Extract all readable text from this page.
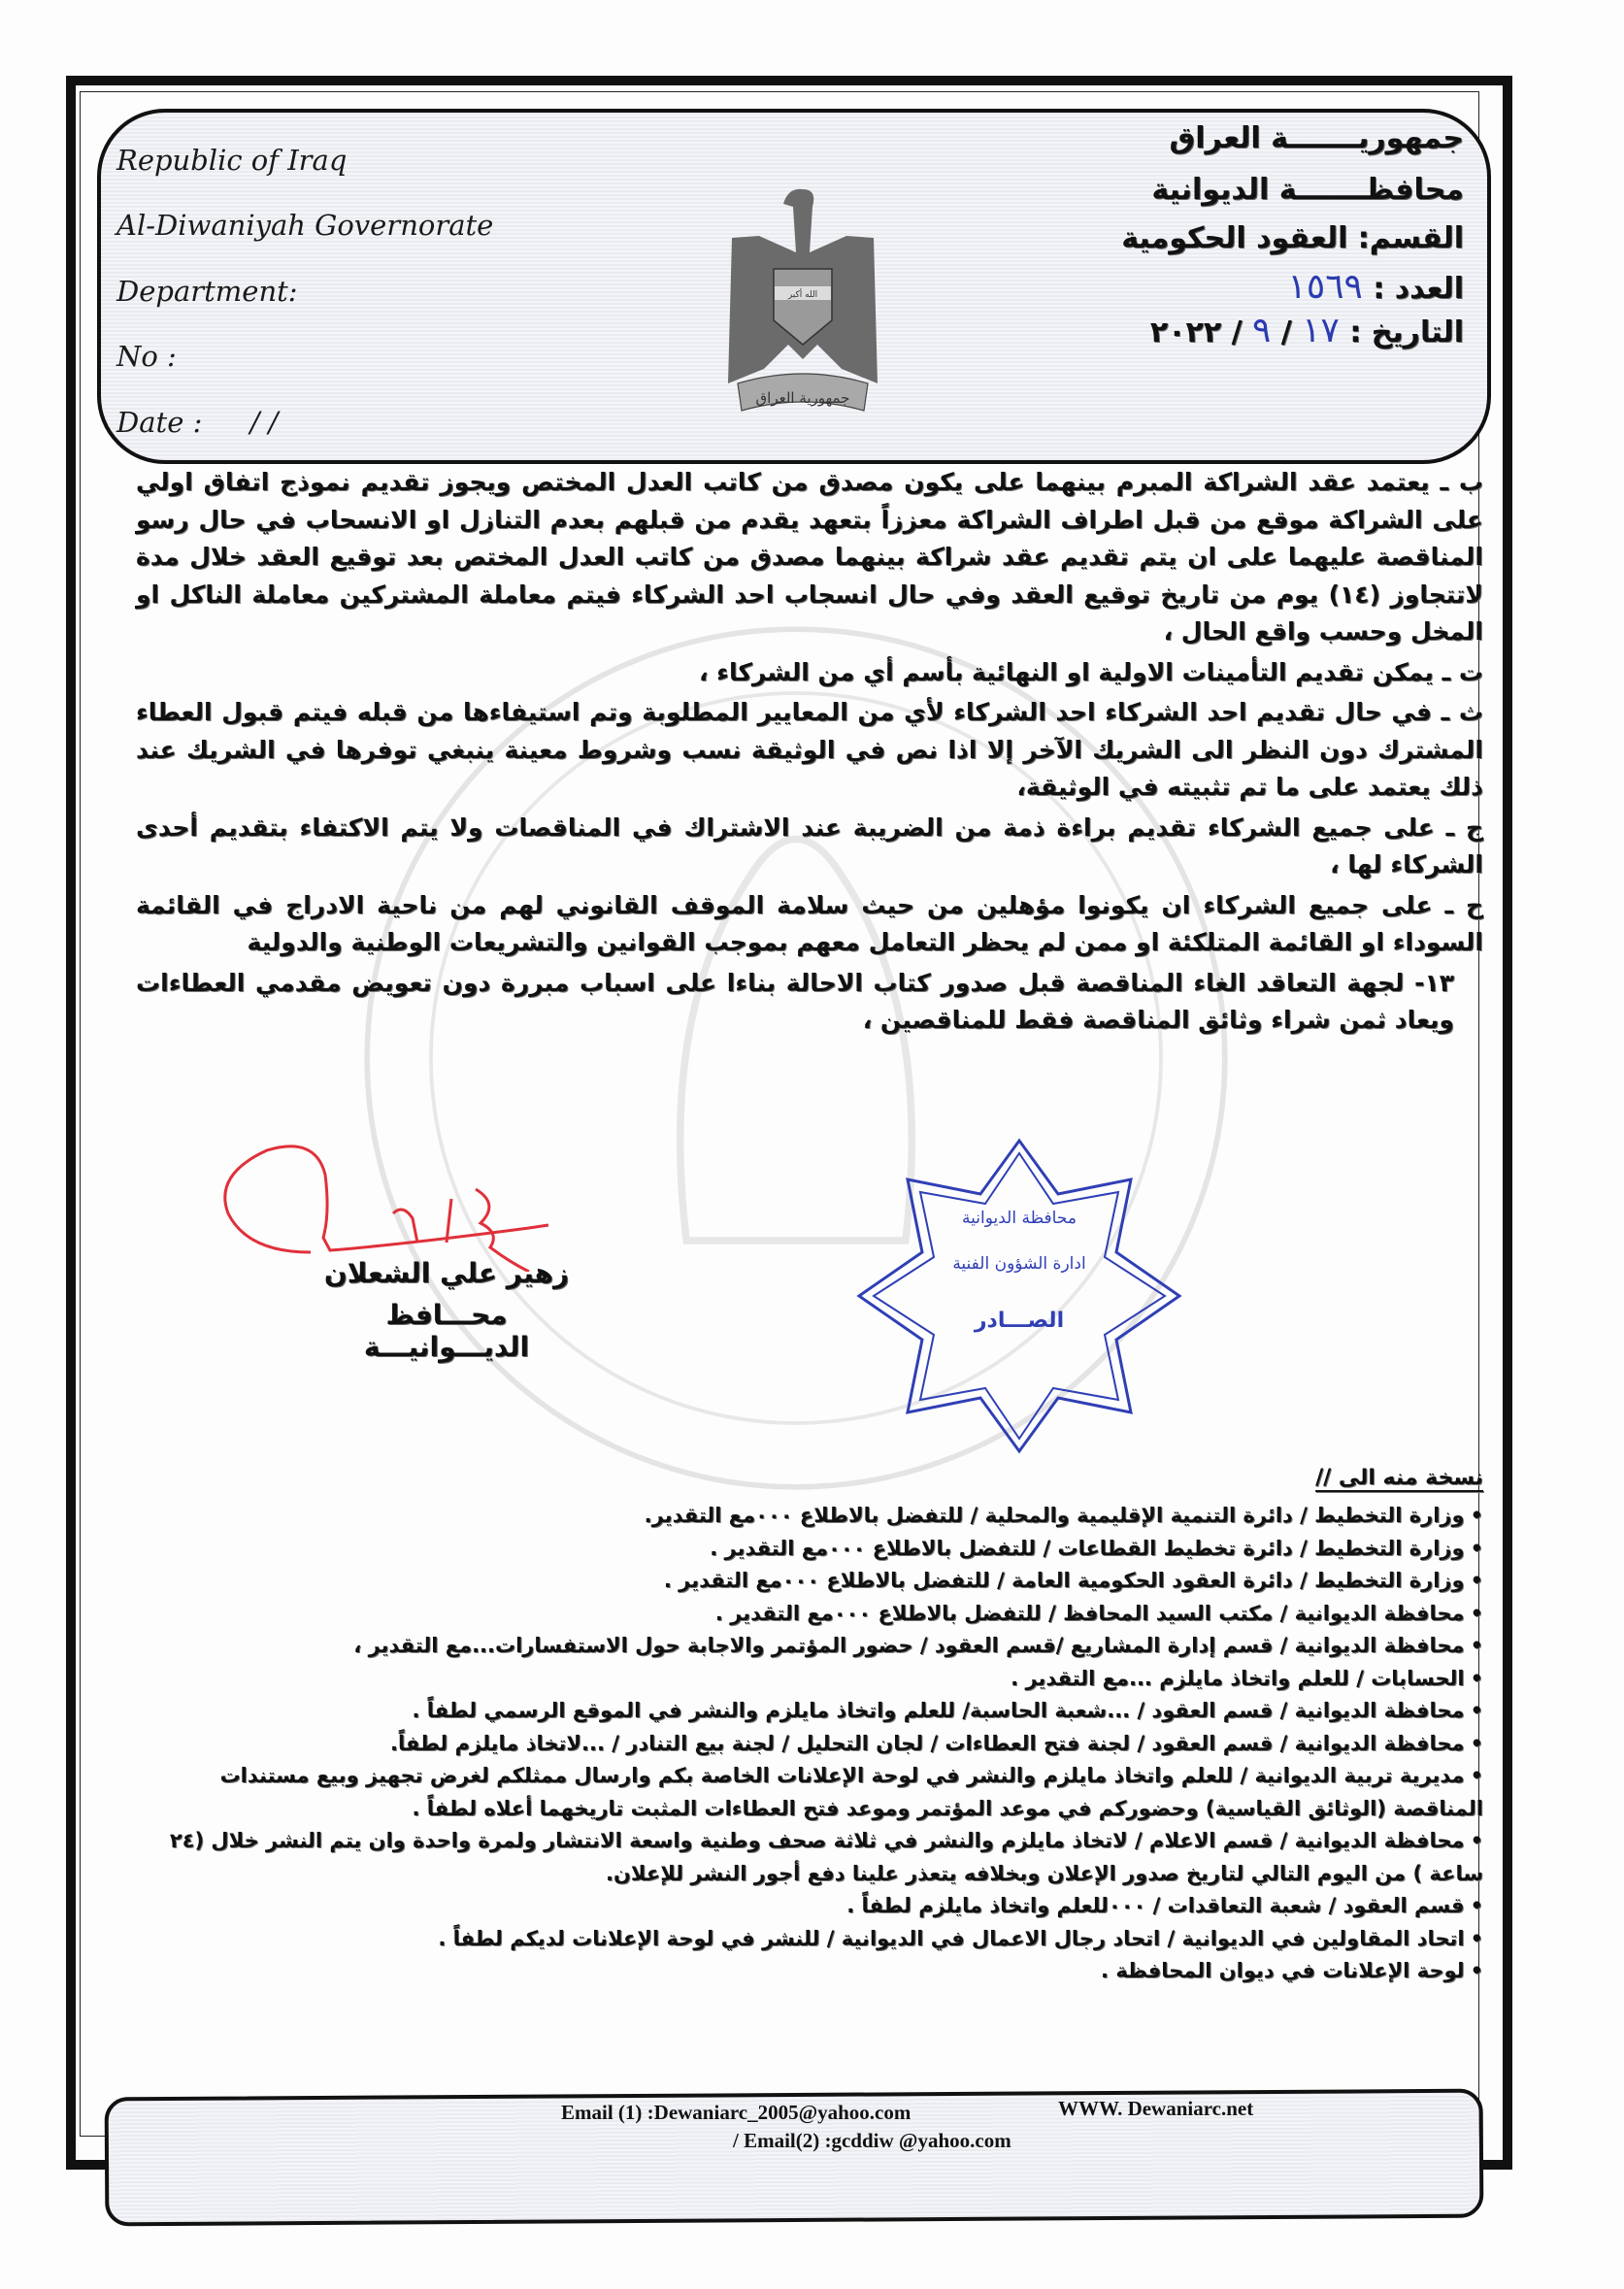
Republic of Iraq
Al-Diwaniyah Governorate
Department:
No :
Date : / /
الله أكبر
جمهورية العراق
جمهوريـــــــة العراق
محافظـــــــة الديوانية
القسم: العقود الحكومية
العدد : ١٥٦٩
التاريخ : ١٧ / ٩ / ٢٠٢٢

ب ـ يعتمد عقد الشراكة المبرم بينهما على يكون مصدق من كاتب العدل المختص ويجوز تقديم نموذج اتفاق اولي على الشراكة موقع من قبل اطراف الشراكة معززاً بتعهد يقدم من قبلهم بعدم التنازل او الانسحاب في حال رسو المناقصة عليهما على ان يتم تقديم عقد شراكة بينهما مصدق من كاتب العدل المختص بعد توقيع العقد خلال مدة لاتتجاوز (١٤) يوم من تاريخ توقيع العقد وفي حال انسجاب احد الشركاء فيتم معاملة المشتركين معاملة الناكل او المخل وحسب واقع الحال ،

ت ـ يمكن تقديم التأمينات الاولية او النهائية بأسم أي من الشركاء ،

ث ـ في حال تقديم احد الشركاء احد الشركاء لأي من المعايير المطلوبة وتم استيفاءها من قبله فيتم قبول العطاء المشترك دون النظر الى الشريك الآخر إلا اذا نص في الوثيقة نسب وشروط معينة ينبغي توفرها في الشريك عند ذلك يعتمد على ما تم تثبيته في الوثيقة،

ج ـ على جميع الشركاء تقديم براءة ذمة من الضريبة عند الاشتراك في المناقصات ولا يتم الاكتفاء بتقديم أحدى الشركاء لها ،

ح ـ على جميع الشركاء ان يكونوا مؤهلين من حيث سلامة الموقف القانوني لهم من ناحية الادراج في القائمة السوداء او القائمة المتلكئة او ممن لم يحظر التعامل معهم بموجب القوانين والتشريعات الوطنية والدولية

١٣- لجهة التعاقد الغاء المناقصة قبل صدور كتاب الاحالة بناءا على اسباب مبررة دون تعويض مقدمي العطاءات ويعاد ثمن شراء وثائق المناقصة فقط للمناقصين ،

زهير علي الشعلان
محـــافظ الديـــوانيـــة
محافظة الديوانية
ادارة الشؤون الفنية
الصـــادر
نسخة منه الى //
•وزارة التخطيط / دائرة التنمية الإقليمية والمحلية / للتفضل بالاطلاع ٠٠٠مع التقدير.
•وزارة التخطيط / دائرة تخطيط القطاعات / للتفضل بالاطلاع ٠٠٠مع التقدير .
•وزارة التخطيط / دائرة العقود الحكومية العامة / للتفضل بالاطلاع ٠٠٠مع التقدير .
•محافظة الديوانية / مكتب السيد المحافظ / للتفضل بالاطلاع ٠٠٠مع التقدير .
•محافظة الديوانية / قسم إدارة المشاريع /قسم العقود / حضور المؤتمر والاجابة حول الاستفسارات...مع التقدير ،
•الحسابات / للعلم واتخاذ مايلزم ...مع التقدير .
•محافظة الديوانية / قسم العقود / ...شعبة الحاسبة/ للعلم واتخاذ مايلزم والنشر في الموقع الرسمي لطفاً .
•محافظة الديوانية / قسم العقود / لجنة فتح العطاءات / لجان التحليل / لجنة بيع التنادر / ...لاتخاذ مايلزم لطفاً.
•مديرية تربية الديوانية / للعلم واتخاذ مايلزم والنشر في لوحة الإعلانات الخاصة بكم وارسال ممثلكم لغرض تجهيز وبيع مستندات المناقصة (الوثائق القياسية) وحضوركم في موعد المؤتمر وموعد فتح العطاءات المثبت تاريخهما أعلاه لطفاً .
•محافظة الديوانية / قسم الاعلام / لاتخاذ مايلزم والنشر في ثلاثة صحف وطنية واسعة الانتشار ولمرة واحدة وان يتم النشر خلال (٢٤ ساعة ) من اليوم التالي لتاريخ صدور الإعلان وبخلافه يتعذر علينا دفع أجور النشر للإعلان.
•قسم العقود / شعبة التعاقدات / ٠٠٠للعلم واتخاذ مايلزم لطفاً .
•اتحاد المقاولين في الديوانية / اتحاد رجال الاعمال في الديوانية / للنشر في لوحة الإعلانات لديكم لطفاً .
•لوحة الإعلانات في ديوان المحافظة .
Email (1) :Dewaniarc_2005@yahoo.com	WWW. Dewaniarc.net
/ Email(2) :gcddiw @yahoo.com
